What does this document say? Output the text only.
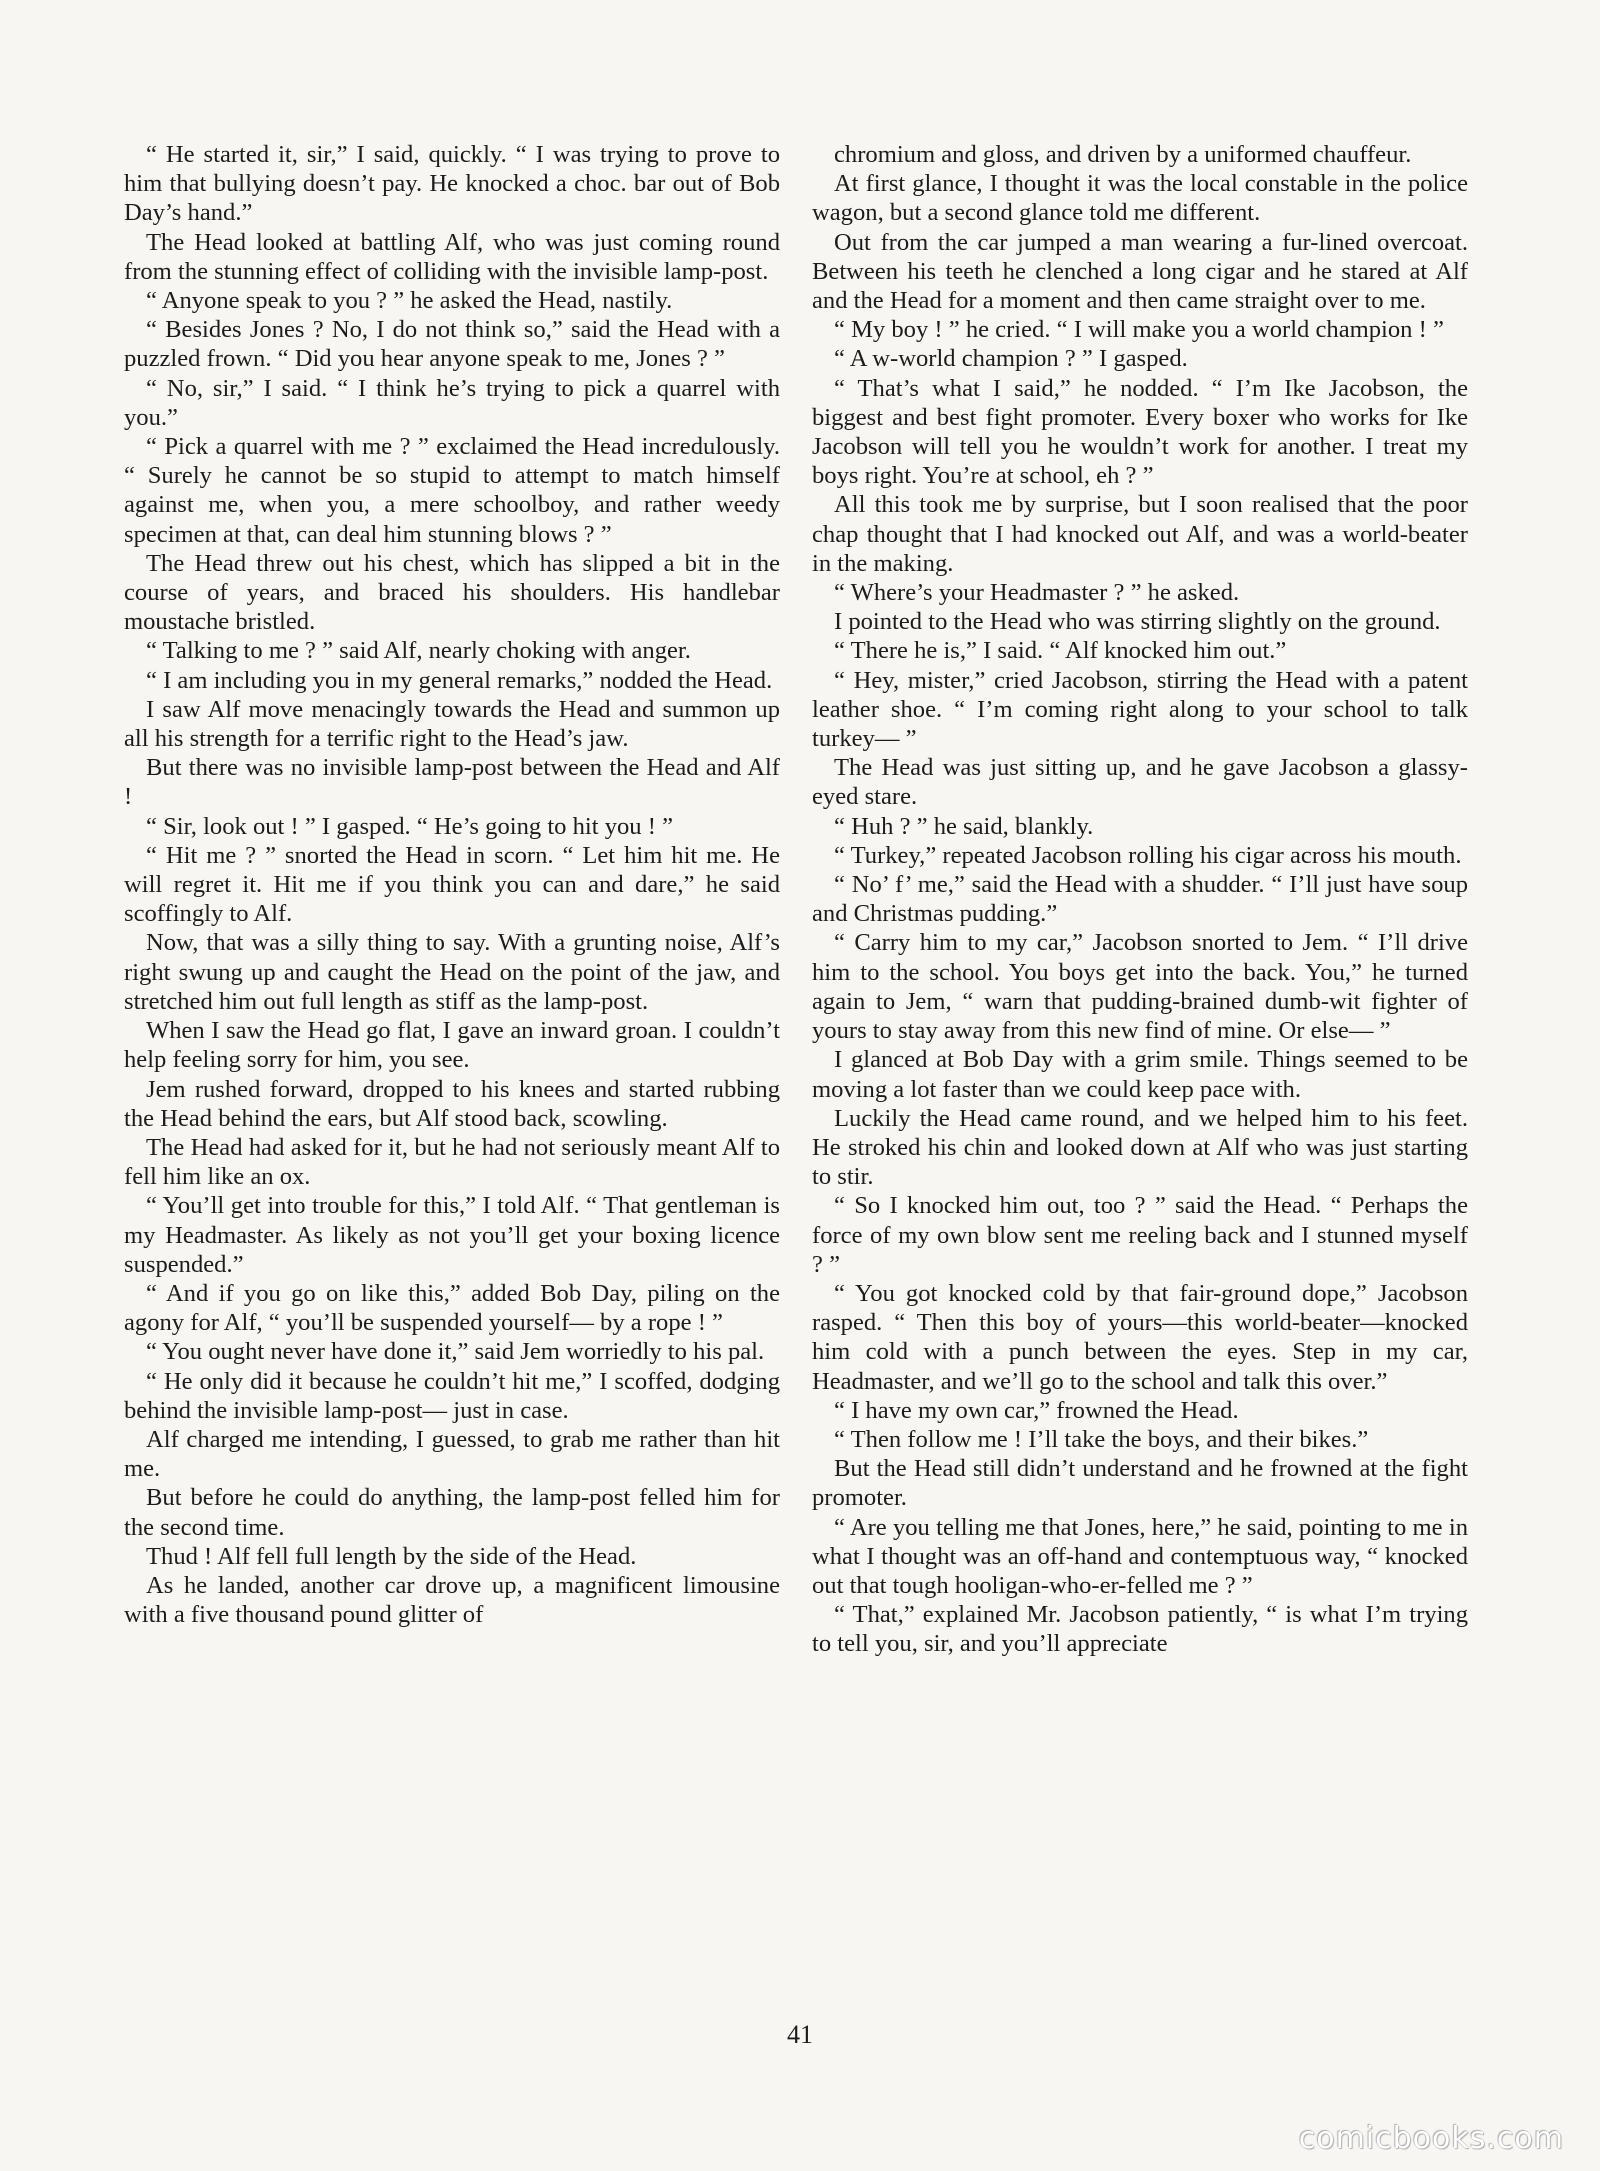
“ He started it, sir,” I said, quickly. “ I was trying to prove to him that bullying doesn’t pay. He knocked a choc. bar out of Bob Day’s hand.”

The Head looked at battling Alf, who was just coming round from the stunning effect of colliding with the invisible lamp-post.

“ Anyone speak to you ? ” he asked the Head, nastily.

“ Besides Jones ? No, I do not think so,” said the Head with a puzzled frown. “ Did you hear anyone speak to me, Jones ? ”

“ No, sir,” I said. “ I think he’s trying to pick a quarrel with you.”

“ Pick a quarrel with me ? ” exclaimed the Head incredulously. “ Surely he cannot be so stupid to attempt to match himself against me, when you, a mere schoolboy, and rather weedy specimen at that, can deal him stunning blows ? ”

The Head threw out his chest, which has slipped a bit in the course of years, and braced his shoulders. His handlebar moustache bristled.

“ Talking to me ? ” said Alf, nearly choking with anger.

“ I am including you in my general remarks,” nodded the Head.

I saw Alf move menacingly towards the Head and summon up all his strength for a terrific right to the Head’s jaw.

But there was no invisible lamp-post between the Head and Alf !

“ Sir, look out ! ” I gasped. “ He’s going to hit you ! ”

“ Hit me ? ” snorted the Head in scorn. “ Let him hit me. He will regret it. Hit me if you think you can and dare,” he said scoffingly to Alf.

Now, that was a silly thing to say. With a grunting noise, Alf’s right swung up and caught the Head on the point of the jaw, and stretched him out full length as stiff as the lamp-post.

When I saw the Head go flat, I gave an inward groan. I couldn’t help feeling sorry for him, you see.

Jem rushed forward, dropped to his knees and started rubbing the Head behind the ears, but Alf stood back, scowling.

The Head had asked for it, but he had not seriously meant Alf to fell him like an ox.

“ You’ll get into trouble for this,” I told Alf. “ That gentleman is my Headmaster. As likely as not you’ll get your boxing licence suspended.”

“ And if you go on like this,” added Bob Day, piling on the agony for Alf, “ you’ll be suspended yourself— by a rope ! ”

“ You ought never have done it,” said Jem worriedly to his pal.

“ He only did it because he couldn’t hit me,” I scoffed, dodging behind the invisible lamp-post— just in case.

Alf charged me intending, I guessed, to grab me rather than hit me.

But before he could do anything, the lamp-post felled him for the second time.

Thud ! Alf fell full length by the side of the Head.

As he landed, another car drove up, a magnificent limousine with a five thousand pound glitter of

chromium and gloss, and driven by a uniformed chauffeur.

At first glance, I thought it was the local constable in the police wagon, but a second glance told me different.

Out from the car jumped a man wearing a fur-lined overcoat. Between his teeth he clenched a long cigar and he stared at Alf and the Head for a moment and then came straight over to me.

“ My boy ! ” he cried. “ I will make you a world champion ! ”

“ A w-world champion ? ” I gasped.

“ That’s what I said,” he nodded. “ I’m Ike Jacobson, the biggest and best fight promoter. Every boxer who works for Ike Jacobson will tell you he wouldn’t work for another. I treat my boys right. You’re at school, eh ? ”

All this took me by surprise, but I soon realised that the poor chap thought that I had knocked out Alf, and was a world-beater in the making.

“ Where’s your Headmaster ? ” he asked.

I pointed to the Head who was stirring slightly on the ground.

“ There he is,” I said. “ Alf knocked him out.”

“ Hey, mister,” cried Jacobson, stirring the Head with a patent leather shoe. “ I’m coming right along to your school to talk turkey— ”

The Head was just sitting up, and he gave Jacobson a glassy-eyed stare.

“ Huh ? ” he said, blankly.

“ Turkey,” repeated Jacobson rolling his cigar across his mouth.

“ No’ f’ me,” said the Head with a shudder. “ I’ll just have soup and Christmas pudding.”

“ Carry him to my car,” Jacobson snorted to Jem. “ I’ll drive him to the school. You boys get into the back. You,” he turned again to Jem, “ warn that pudding-brained dumb-wit fighter of yours to stay away from this new find of mine. Or else— ”

I glanced at Bob Day with a grim smile. Things seemed to be moving a lot faster than we could keep pace with.

Luckily the Head came round, and we helped him to his feet. He stroked his chin and looked down at Alf who was just starting to stir.

“ So I knocked him out, too ? ” said the Head. “ Perhaps the force of my own blow sent me reeling back and I stunned myself ? ”

“ You got knocked cold by that fair-ground dope,” Jacobson rasped. “ Then this boy of yours—this world-beater—knocked him cold with a punch between the eyes. Step in my car, Headmaster, and we’ll go to the school and talk this over.”

“ I have my own car,” frowned the Head.

“ Then follow me ! I’ll take the boys, and their bikes.”

But the Head still didn’t understand and he frowned at the fight promoter.

“ Are you telling me that Jones, here,” he said, pointing to me in what I thought was an off-hand and contemptuous way, “ knocked out that tough hooligan-who-er-felled me ? ”

“ That,” explained Mr. Jacobson patiently, “ is what I’m trying to tell you, sir, and you’ll appreciate

41
comicbooks.com
